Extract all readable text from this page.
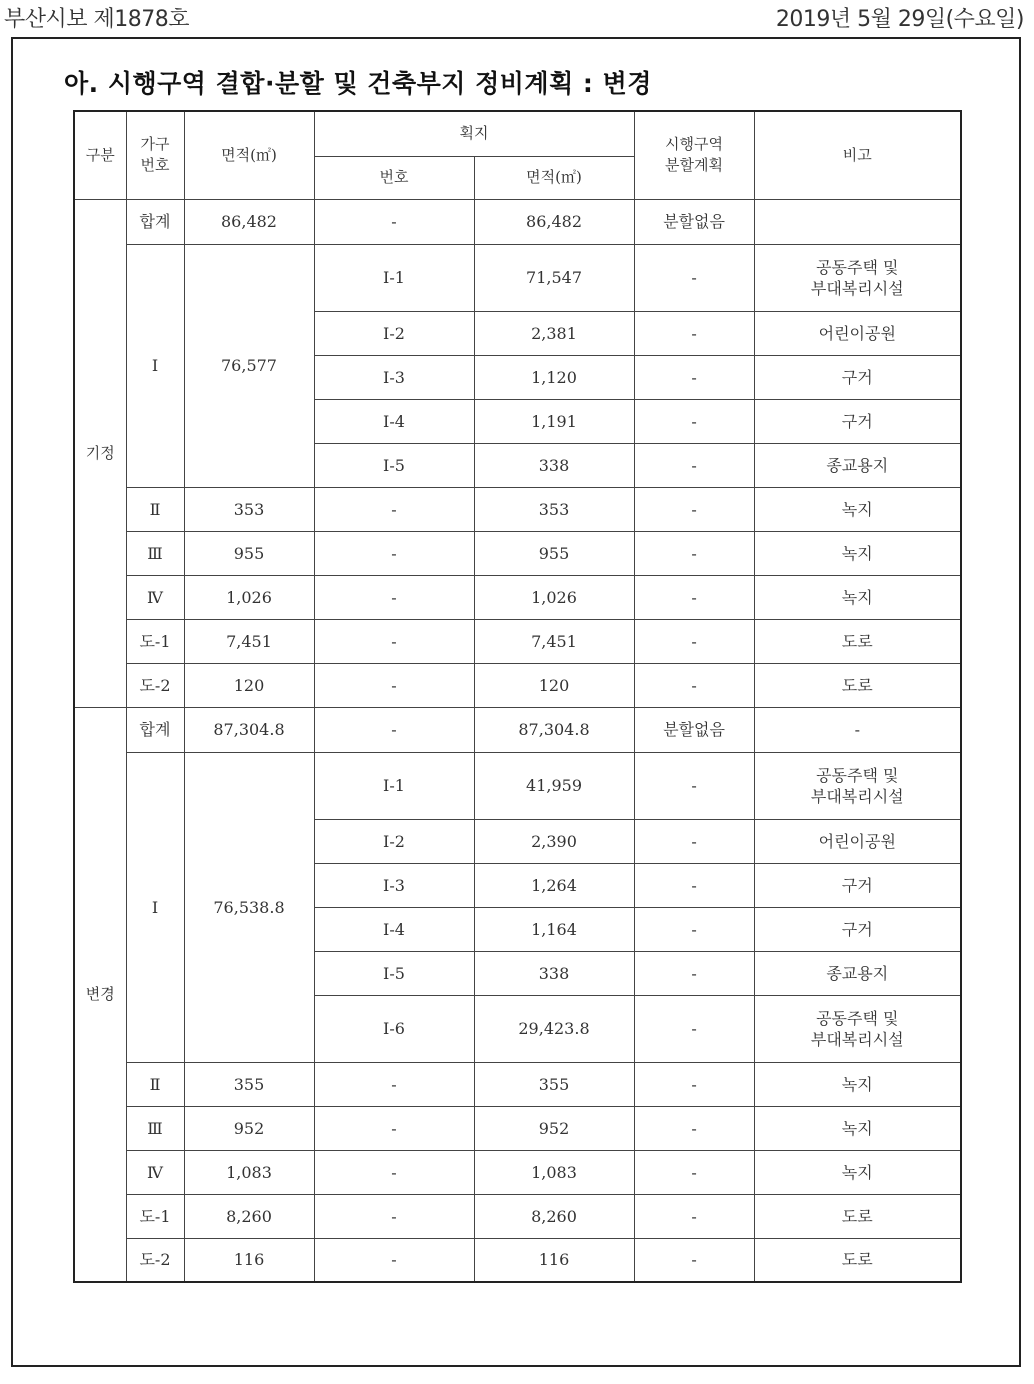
부산시보 제1878호	2019년 5월 29일(수요일)
아. 시행구역 결합·분할 및 건축부지 정비계획 : 변경
구분	가구
번호	면적(㎡)	획지		시행구역
분할계획	비고
			번호	면적(㎡)		
기정	합계	86,482	-	86,482	분할없음	
	Ⅰ	76,577	Ⅰ-1	71,547	-	공동주택 및
부대복리시설
			Ⅰ-2	2,381	-	어린이공원
			Ⅰ-3	1,120	-	구거
			Ⅰ-4	1,191	-	구거
			Ⅰ-5	338	-	종교용지
	Ⅱ	353	-	353	-	녹지
	Ⅲ	955	-	955	-	녹지
	Ⅳ	1,026	-	1,026	-	녹지
	도-1	7,451	-	7,451	-	도로
	도-2	120	-	120	-	도로
변경	합계	87,304.8	-	87,304.8	분할없음	-
	Ⅰ	76,538.8	Ⅰ-1	41,959	-	공동주택 및
부대복리시설
			Ⅰ-2	2,390	-	어린이공원
			Ⅰ-3	1,264	-	구거
			Ⅰ-4	1,164	-	구거
			Ⅰ-5	338	-	종교용지
			Ⅰ-6	29,423.8	-	공동주택 및
부대복리시설
	Ⅱ	355	-	355	-	녹지
	Ⅲ	952	-	952	-	녹지
	Ⅳ	1,083	-	1,083	-	녹지
	도-1	8,260	-	8,260	-	도로
	도-2	116	-	116	-	도로
